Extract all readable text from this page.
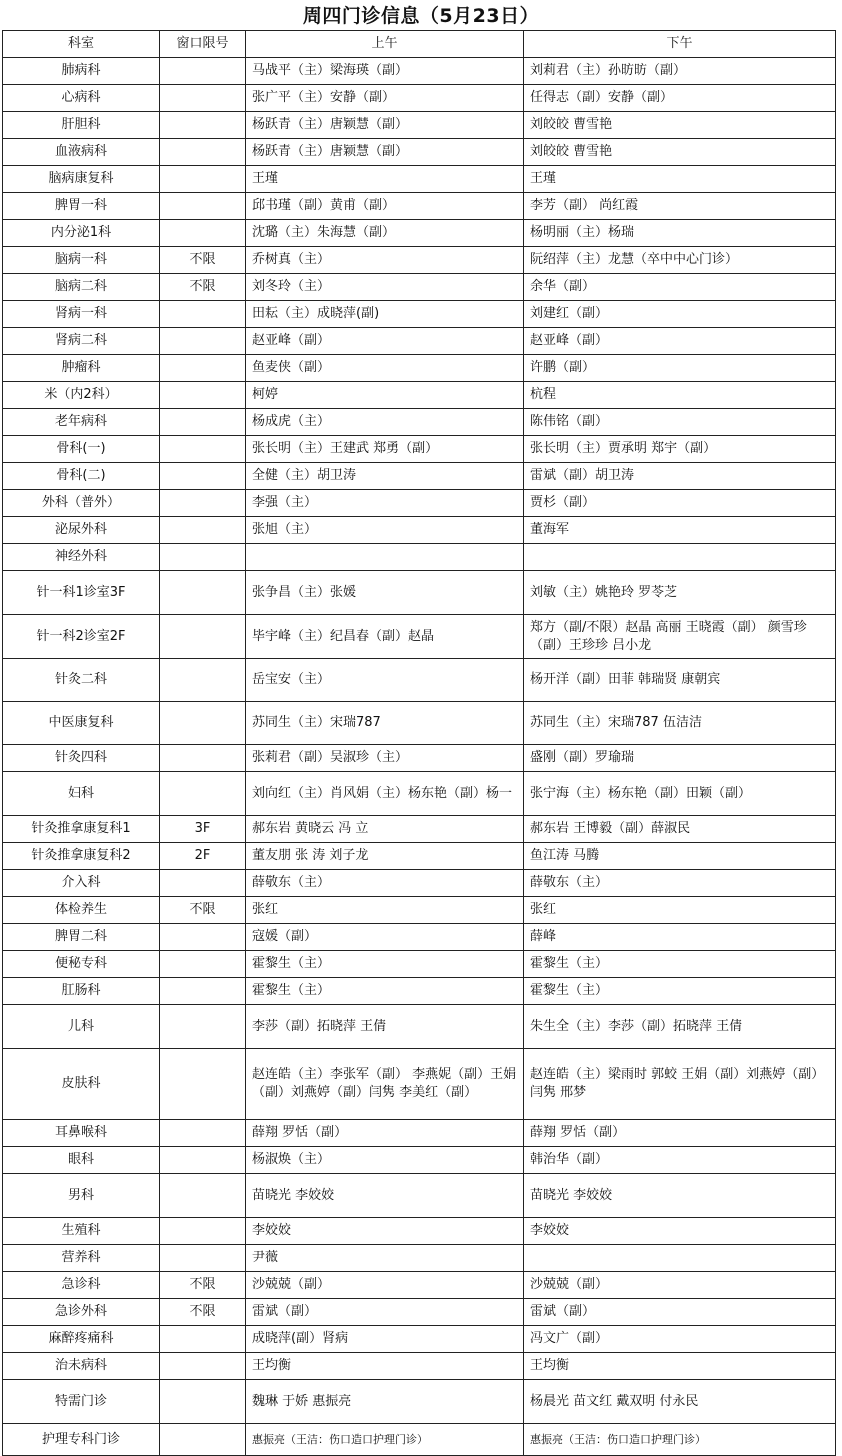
周四门诊信息（5月23日）
科室	窗口限号	上午	下午
肺病科		马战平（主）梁海瑛（副）	刘莉君（主）孙昉昉（副）
心病科		张广平（主）安静（副）	任得志（副）安静（副）
肝胆科		杨跃青（主）唐颖慧（副）	刘皎皎 曹雪艳
血液病科		杨跃青（主）唐颖慧（副）	刘皎皎 曹雪艳
脑病康复科		王瑾	王瑾
脾胃一科		邱书瑾（副）黄甫（副）	李芳（副） 尚红霞
内分泌1科		沈璐（主）朱海慧（副）	杨明丽（主）杨瑞
脑病一科	不限	乔树真（主）	阮绍萍（主）龙慧（卒中中心门诊）
脑病二科	不限	刘冬玲（主）	余华（副）
肾病一科		田耘（主）成晓萍(副)	刘建红（副）
肾病二科		赵亚峰（副）	赵亚峰（副）
肿瘤科		鱼麦侠（副）	许鹏（副）
米（内2科）		柯婷	杭程
老年病科		杨成虎（主）	陈伟铭（副）
骨科(一)		张长明（主）王建武 郑勇（副）	张长明（主）贾承明 郑宇（副）
骨科(二)		全健（主）胡卫涛	雷斌（副）胡卫涛
外科（普外）		李强（主）	贾杉（副）
泌尿外科		张旭（主）	董海军
神经外科			
针一科1诊室3F		张争昌（主）张媛	刘敏（主）姚艳玲 罗苓芝
针一科2诊室2F		毕宇峰（主）纪昌春（副）赵晶	郑方（副/不限）赵晶 高丽 王晓霞（副） 颜雪珍（副）王珍珍 吕小龙
针灸二科		岳宝安（主）	杨开洋（副）田菲 韩瑞贤 康朝宾
中医康复科		苏同生（主）宋瑞787	苏同生（主）宋瑞787 伍洁洁
针灸四科		张莉君（副）吴淑珍（主）	盛刚（副）罗瑜瑞
妇科		刘向红（主）肖风娟（主）杨东艳（副）杨一	张宁海（主）杨东艳（副）田颖（副）
针灸推拿康复科1	3F	郝东岩 黄晓云 冯 立	郝东岩 王博毅（副）薛淑民
针灸推拿康复科2	2F	董友朋 张 涛 刘子龙	鱼江涛 马腾
介入科		薛敬东（主）	薛敬东（主）
体检养生	不限	张红	张红
脾胃二科		寇媛（副）	薛峰
便秘专科		霍黎生（主）	霍黎生（主）
肛肠科		霍黎生（主）	霍黎生（主）
儿科		李莎（副）拓晓萍 王倩	朱生全（主）李莎（副）拓晓萍 王倩
皮肤科		赵连皓（主）李张军（副） 李燕妮（副）王娟（副）刘燕婷（副）闫隽 李美红（副）	赵连皓（主）梁雨时 郭蛟 王娟（副）刘燕婷（副）闫隽 邢梦
耳鼻喉科		薛翔 罗恬（副）	薛翔 罗恬（副）
眼科		杨淑焕（主）	韩治华（副）
男科		苗晓光 李姣姣	苗晓光 李姣姣
生殖科		李姣姣	李姣姣
营养科		尹薇	
急诊科	不限	沙兢兢（副）	沙兢兢（副）
急诊外科	不限	雷斌（副）	雷斌（副）
麻醉疼痛科		成晓萍(副）肾病	冯文广（副）
治未病科		王均衡	王均衡
特需门诊		魏琳 于娇 惠振亮	杨晨光 苗文红 戴双明 付永民
护理专科门诊		惠振亮（王洁：伤口造口护理门诊）	惠振亮（王洁：伤口造口护理门诊）
